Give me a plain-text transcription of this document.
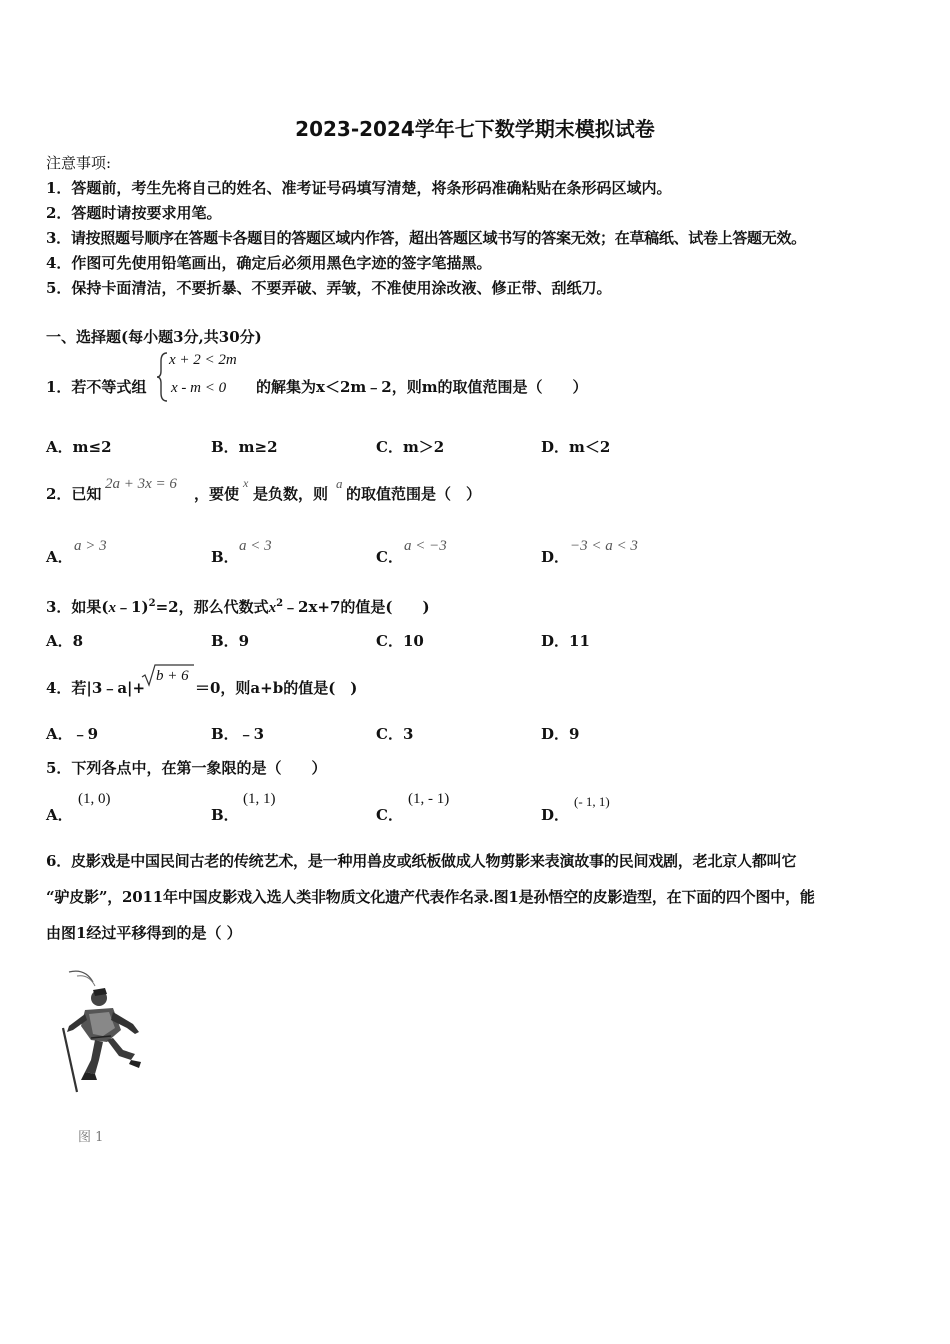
2023-2024学年七下数学期末模拟试卷
注意事项:
1．答题前，考生先将自己的姓名、准考证号码填写清楚，将条形码准确粘贴在条形码区域内。
2．答题时请按要求用笔。
3．请按照题号顺序在答题卡各题目的答题区域内作答，超出答题区域书写的答案无效；在草稿纸、试卷上答题无效。
4．作图可先使用铅笔画出，确定后必须用黑色字迹的签字笔描黑。
5．保持卡面清洁，不要折暴、不要弄破、弄皱，不准使用涂改液、修正带、刮纸刀。
一、选择题(每小题3分,共30分)
1．若不等式组
x + 2 < 2m
x - m < 0 的解集为x＜2m﹣2，则m的取值范围是（　　）
A．m≤2	B．m≥2	C．m＞2	D．m＜2
2．已知
2a + 3x = 6
，要使
x
是负数，则
a
的取值范围是（　）
A．
a > 3
B．
a < 3
C．
a < −3
D．
−3 < a < 3
3．如果(x﹣1)$^2$=2，那么代数式$x^2﹣2x+7$的值是(　　)
A．8	B．9	C．10	D．11
4．若|3﹣a|+
b + 6
＝0，则a+b的值是(　)
A．﹣9	B．﹣3	C．3	D．9
5．下列各点中，在第一象限的是（　　）
A．
(1, 0)
B．
(1, 1)
C．
(1, - 1)
D．
(- 1, 1)
6．皮影戏是中国民间古老的传统艺术，是一种用兽皮或纸板做成人物剪影来表演故事的民间戏剧，老北京人都叫它
“驴皮影”，2011年中国皮影戏入选人类非物质文化遗产代表作名录.图1是孙悟空的皮影造型，在下面的四个图中，能
由图1经过平移得到的是（ ）
图 1
